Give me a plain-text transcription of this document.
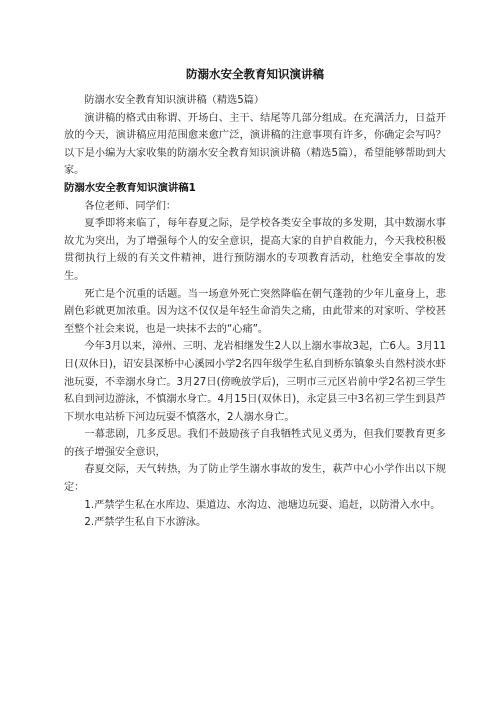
防溺水安全教育知识演讲稿

防溺水安全教育知识演讲稿（精选5篇）

演讲稿的格式由称谓、开场白、主干、结尾等几部分组成。在充满活力，日益开放的今天，演讲稿应用范围愈来愈广泛，演讲稿的注意事项有许多，你确定会写吗？以下是小编为大家收集的防溺水安全教育知识演讲稿（精选5篇），希望能够帮助到大家。

防溺水安全教育知识演讲稿1

各位老师、同学们：

夏季即将来临了，每年春夏之际，是学校各类安全事故的多发期，其中数溺水事故尤为突出，为了增强每个人的安全意识，提高大家的自护自救能力，今天我校积极贯彻执行上级的有关文件精神，进行预防溺水的专项教育活动，杜绝安全事故的发生。

死亡是个沉重的话题。当一场意外死亡突然降临在朝气蓬勃的少年儿童身上，悲剧色彩就更加浓重。因为这不仅仅是年轻生命消失之痛，由此带来的对家听、学校甚至整个社会来说，也是一块抹不去的“心痛”。

今年3月以来，漳州、三明、龙岩相继发生2人以上溺水事故3起，亡6人。3月11日(双休日)，诏安县深桥中心溪园小学2名四年级学生私自到桥东镇象头自然村淡水虾池玩耍，不幸溺水身亡。3月27日(傍晚放学后)，三明市三元区岩前中学2名初三学生私自到河边游泳，不慎溺水身亡。4月15日(双休日)，永定县三中3名初三学生到县芦下坝水电站桥下河边玩耍不慎落水，2人溺水身亡。

一幕悲剧，几多反思。我们不鼓励孩子自我牺牲式见义勇为，但我们要教育更多的孩子增强安全意识，

春夏交际，天气转热，为了防止学生溺水事故的发生，萩芦中心小学作出以下规定：

1.严禁学生私在水库边、渠道边、水沟边、池塘边玩耍、追赶，以防滑入水中。

2.严禁学生私自下水游泳。
